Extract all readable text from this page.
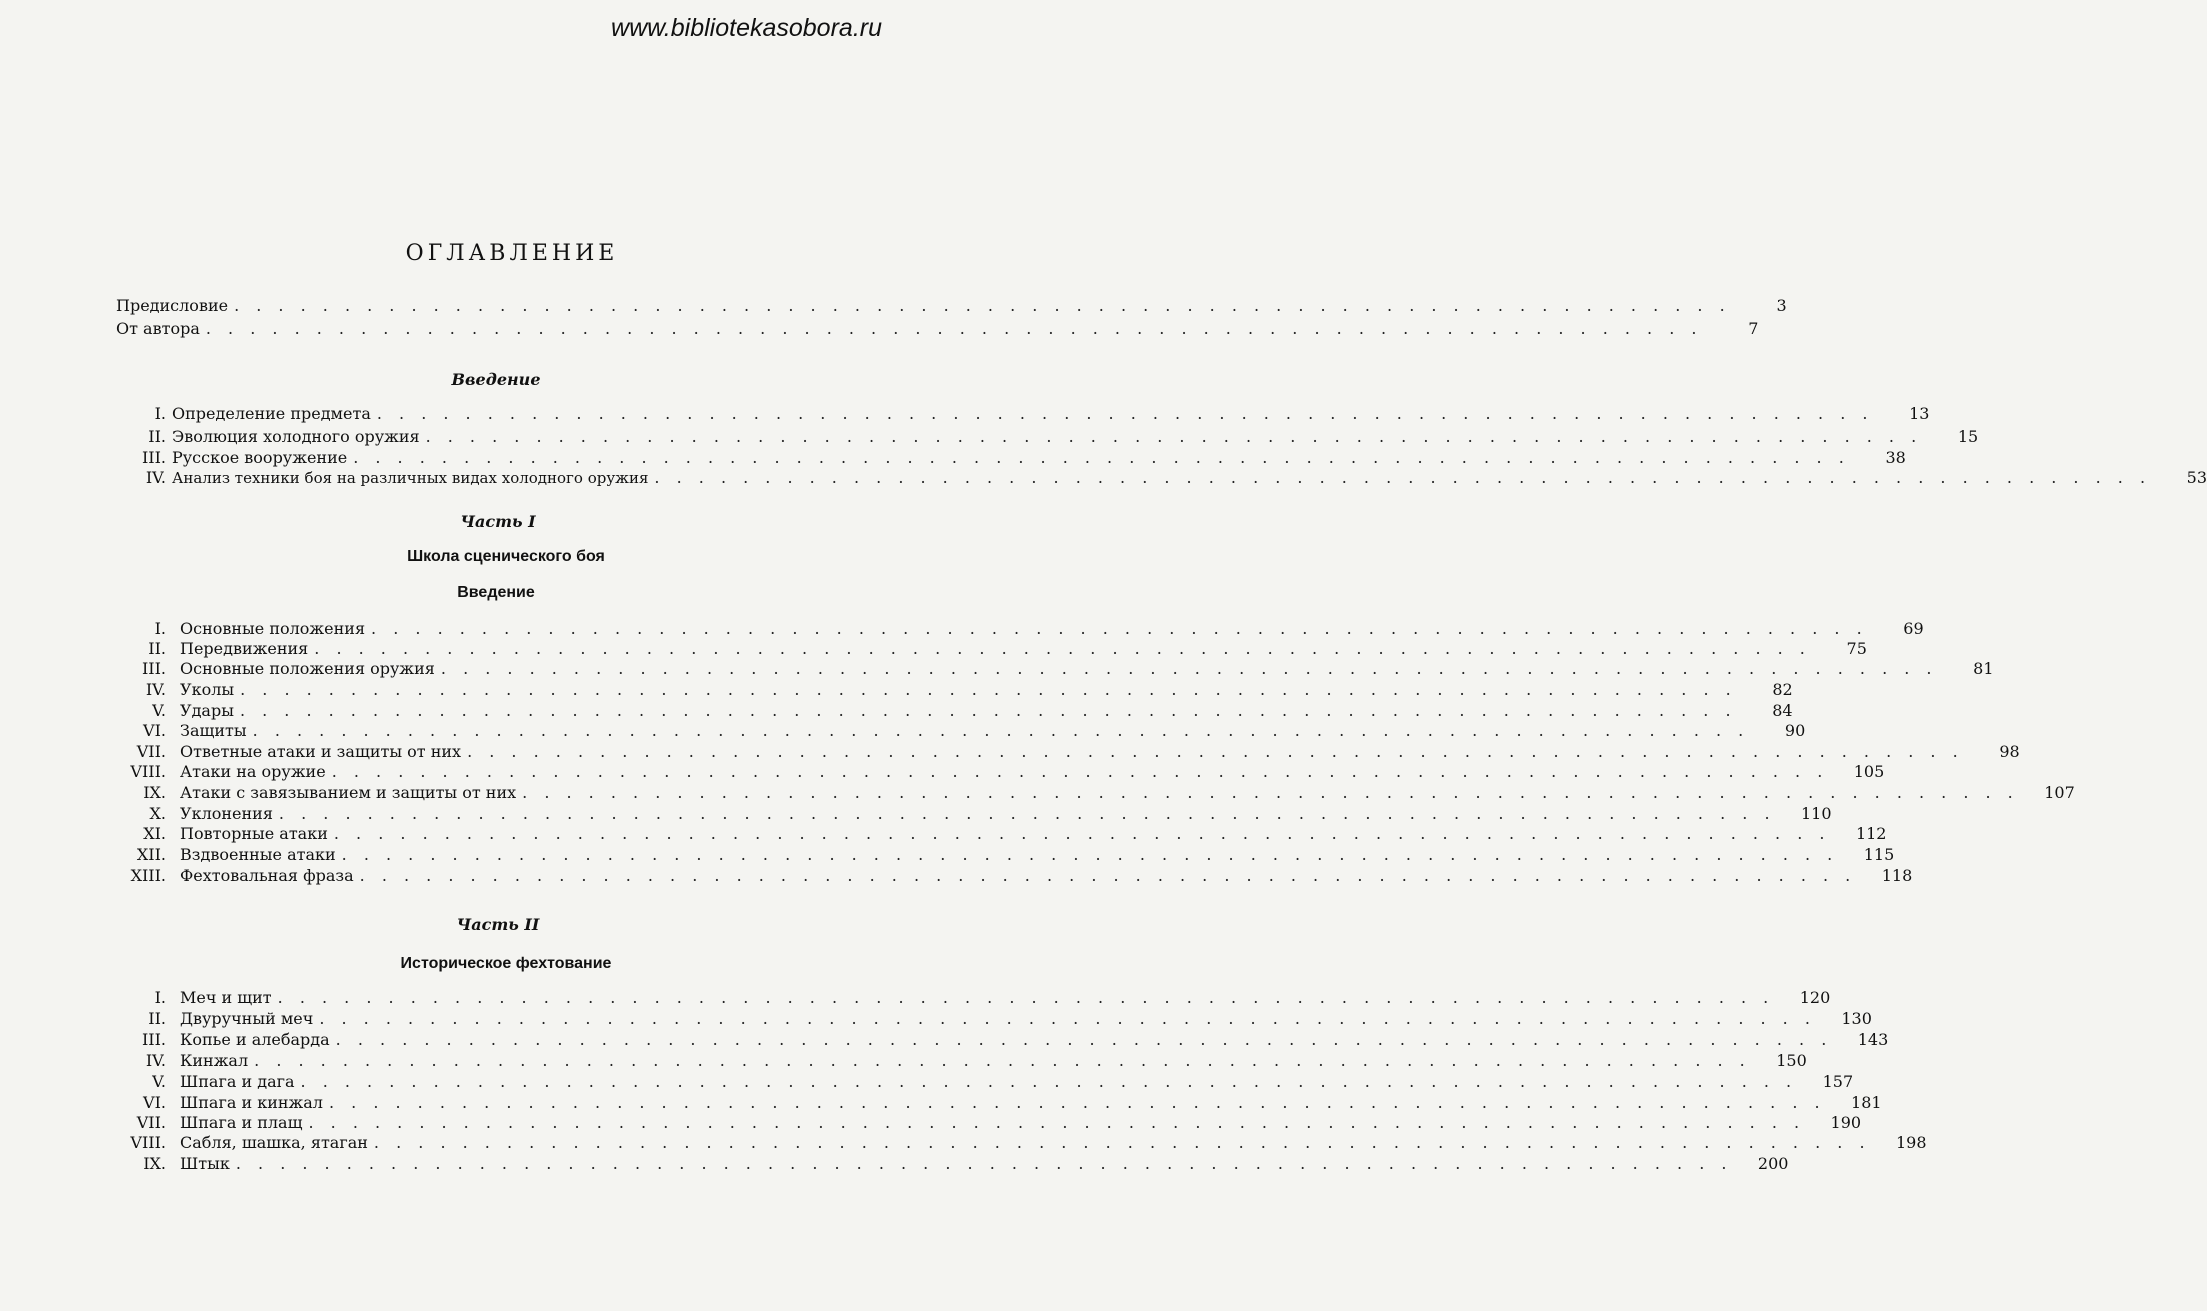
www.bibliotekasobora.ru
ОГЛАВЛЕНИЕ
Предисловие . . . . . . . . . . . . . . . . . . . . . . . . . . . . . . . . . . . . . . . . . . . . . . . . . . . . . . . . . . . . . . . . . . . .	3
От автора . . . . . . . . . . . . . . . . . . . . . . . . . . . . . . . . . . . . . . . . . . . . . . . . . . . . . . . . . . . . . . . . . . . .	7
Введение
I. Определение предмета . . . . . . . . . . . . . . . . . . . . . . . . . . . . . . . . . . . . . . . . . . . . . . . . . . . . . . . . . . . . . . . . . . . .	13
II. Эволюция холодного оружия . . . . . . . . . . . . . . . . . . . . . . . . . . . . . . . . . . . . . . . . . . . . . . . . . . . . . . . . . . . . . . . . . . . .	15
III. Русское вооружение . . . . . . . . . . . . . . . . . . . . . . . . . . . . . . . . . . . . . . . . . . . . . . . . . . . . . . . . . . . . . . . . . . . .	38
IV. Анализ техники боя на различных видах холодного оружия . . . . . . . . . . . . . . . . . . . . . . . . . . . . . . . . . . . . . . . . . . . . . . . . . . . . . . . . . . . . . . . . . . . .	53
Часть I
Школа сценического боя
Введение
I. Основные положения . . . . . . . . . . . . . . . . . . . . . . . . . . . . . . . . . . . . . . . . . . . . . . . . . . . . . . . . . . . . . . . . . . . .	69
II. Передвижения . . . . . . . . . . . . . . . . . . . . . . . . . . . . . . . . . . . . . . . . . . . . . . . . . . . . . . . . . . . . . . . . . . . .	75
III. Основные положения оружия . . . . . . . . . . . . . . . . . . . . . . . . . . . . . . . . . . . . . . . . . . . . . . . . . . . . . . . . . . . . . . . . . . . .	81
IV. Уколы . . . . . . . . . . . . . . . . . . . . . . . . . . . . . . . . . . . . . . . . . . . . . . . . . . . . . . . . . . . . . . . . . . . .	82
V. Удары . . . . . . . . . . . . . . . . . . . . . . . . . . . . . . . . . . . . . . . . . . . . . . . . . . . . . . . . . . . . . . . . . . . .	84
VI. Защиты . . . . . . . . . . . . . . . . . . . . . . . . . . . . . . . . . . . . . . . . . . . . . . . . . . . . . . . . . . . . . . . . . . . .	90
VII. Ответные атаки и защиты от них . . . . . . . . . . . . . . . . . . . . . . . . . . . . . . . . . . . . . . . . . . . . . . . . . . . . . . . . . . . . . . . . . . . .	98
VIII. Атаки на оружие . . . . . . . . . . . . . . . . . . . . . . . . . . . . . . . . . . . . . . . . . . . . . . . . . . . . . . . . . . . . . . . . . . . .	105
IX. Атаки с завязыванием и защиты от них . . . . . . . . . . . . . . . . . . . . . . . . . . . . . . . . . . . . . . . . . . . . . . . . . . . . . . . . . . . . . . . . . . . .	107
X. Уклонения . . . . . . . . . . . . . . . . . . . . . . . . . . . . . . . . . . . . . . . . . . . . . . . . . . . . . . . . . . . . . . . . . . . .	110
XI. Повторные атаки . . . . . . . . . . . . . . . . . . . . . . . . . . . . . . . . . . . . . . . . . . . . . . . . . . . . . . . . . . . . . . . . . . . .	112
XII. Вздвоенные атаки . . . . . . . . . . . . . . . . . . . . . . . . . . . . . . . . . . . . . . . . . . . . . . . . . . . . . . . . . . . . . . . . . . . .	115
XIII. Фехтовальная фраза . . . . . . . . . . . . . . . . . . . . . . . . . . . . . . . . . . . . . . . . . . . . . . . . . . . . . . . . . . . . . . . . . . . .	118
Часть II
Историческое фехтование
I. Меч и щит . . . . . . . . . . . . . . . . . . . . . . . . . . . . . . . . . . . . . . . . . . . . . . . . . . . . . . . . . . . . . . . . . . . .	120
II. Двуручный меч . . . . . . . . . . . . . . . . . . . . . . . . . . . . . . . . . . . . . . . . . . . . . . . . . . . . . . . . . . . . . . . . . . . .	130
III. Копье и алебарда . . . . . . . . . . . . . . . . . . . . . . . . . . . . . . . . . . . . . . . . . . . . . . . . . . . . . . . . . . . . . . . . . . . .	143
IV. Кинжал . . . . . . . . . . . . . . . . . . . . . . . . . . . . . . . . . . . . . . . . . . . . . . . . . . . . . . . . . . . . . . . . . . . .	150
V. Шпага и дага . . . . . . . . . . . . . . . . . . . . . . . . . . . . . . . . . . . . . . . . . . . . . . . . . . . . . . . . . . . . . . . . . . . .	157
VI. Шпага и кинжал . . . . . . . . . . . . . . . . . . . . . . . . . . . . . . . . . . . . . . . . . . . . . . . . . . . . . . . . . . . . . . . . . . . .	181
VII. Шпага и плащ . . . . . . . . . . . . . . . . . . . . . . . . . . . . . . . . . . . . . . . . . . . . . . . . . . . . . . . . . . . . . . . . . . . .	190
VIII. Сабля, шашка, ятаган . . . . . . . . . . . . . . . . . . . . . . . . . . . . . . . . . . . . . . . . . . . . . . . . . . . . . . . . . . . . . . . . . . . .	198
IX. Штык . . . . . . . . . . . . . . . . . . . . . . . . . . . . . . . . . . . . . . . . . . . . . . . . . . . . . . . . . . . . . . . . . . . .	200
